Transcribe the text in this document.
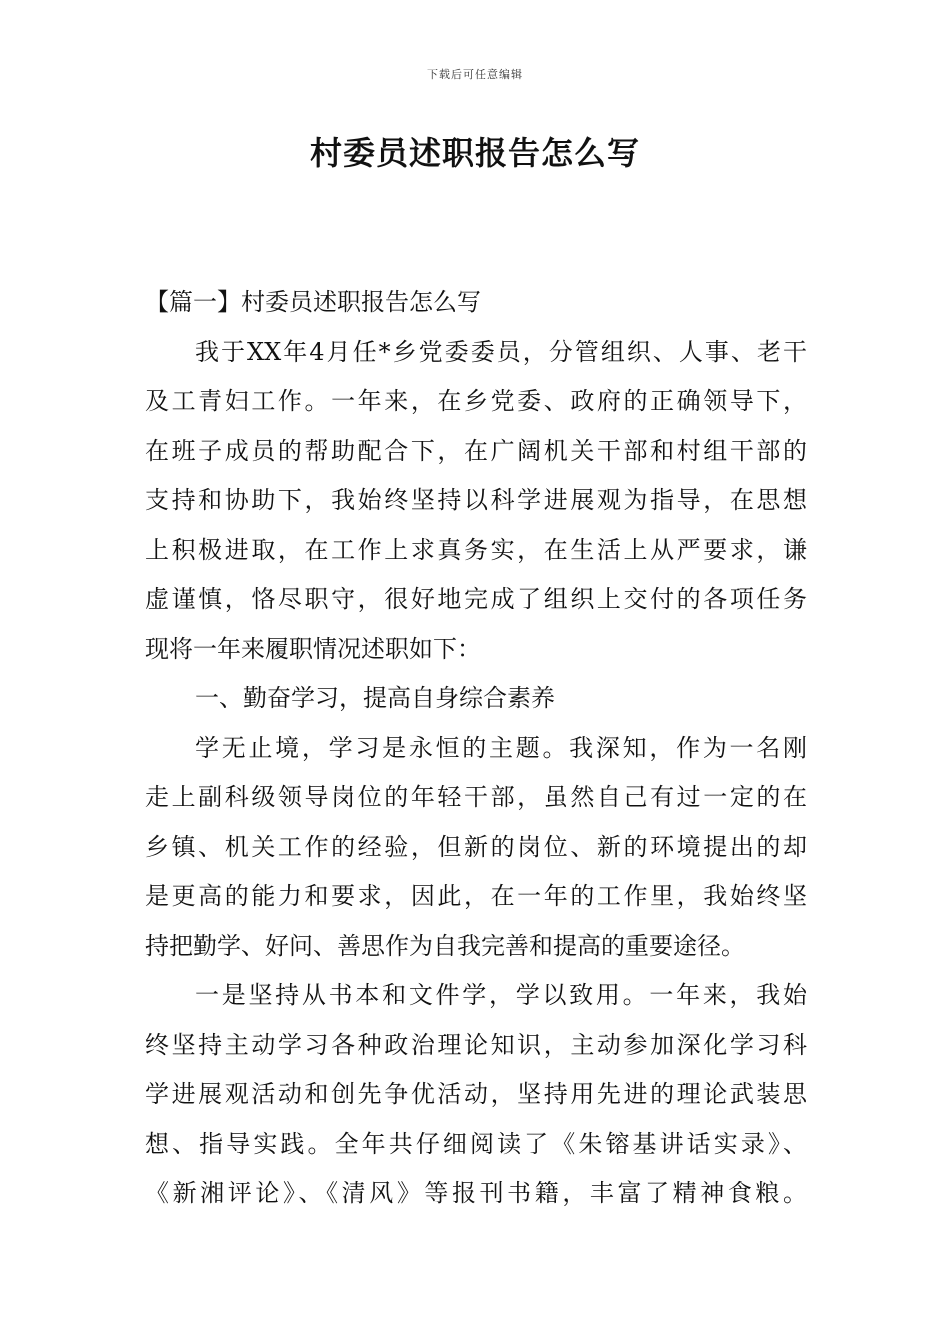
下载后可任意编辑
村委员述职报告怎么写
【篇一】村委员述职报告怎么写
我于XX年4月任*乡党委委员，分管组织、人事、老干
及工青妇工作。一年来，在乡党委、政府的正确领导下，
在班子成员的帮助配合下，在广阔机关干部和村组干部的
支持和协助下，我始终坚持以科学进展观为指导，在思想
上积极进取，在工作上求真务实，在生活上从严要求，谦
虚谨慎，恪尽职守，很好地完成了组织上交付的各项任务
现将一年来履职情况述职如下：
一、勤奋学习，提高自身综合素养
学无止境，学习是永恒的主题。我深知，作为一名刚
走上副科级领导岗位的年轻干部，虽然自己有过一定的在
乡镇、机关工作的经验，但新的岗位、新的环境提出的却
是更高的能力和要求，因此，在一年的工作里，我始终坚
持把勤学、好问、善思作为自我完善和提高的重要途径。
一是坚持从书本和文件学，学以致用。一年来，我始
终坚持主动学习各种政治理论知识，主动参加深化学习科
学进展观活动和创先争优活动，坚持用先进的理论武装思
想、指导实践。全年共仔细阅读了《朱镕基讲话实录》、
《新湘评论》、《清风》等报刊书籍，丰富了精神食粮。
